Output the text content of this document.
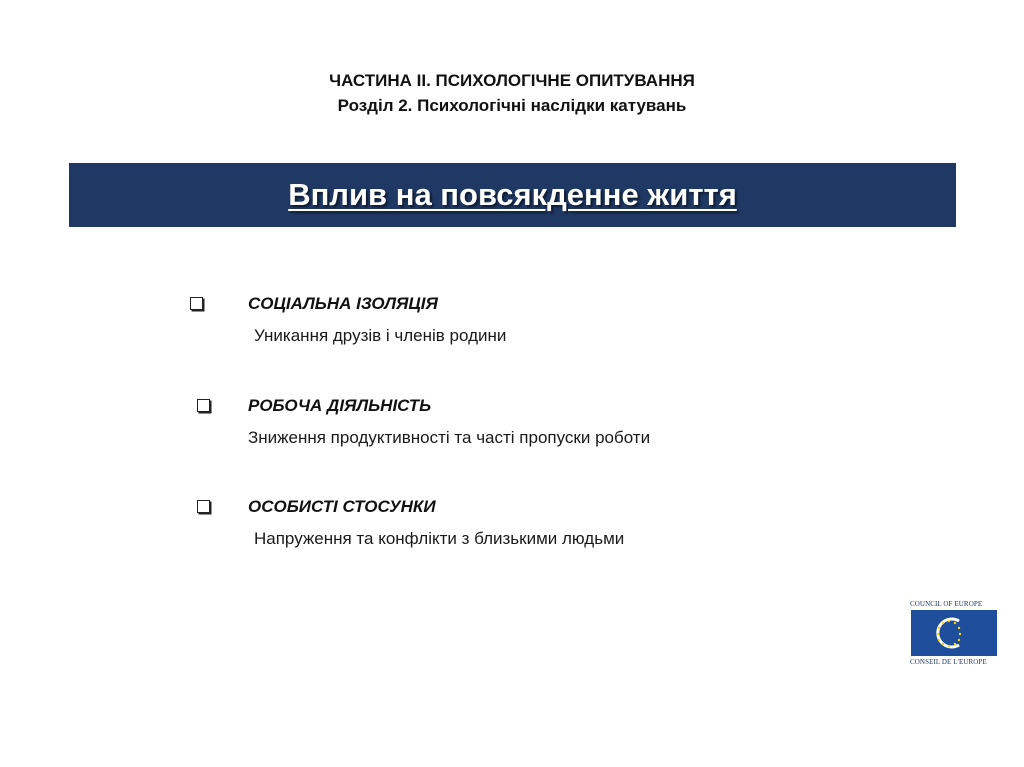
ЧАСТИНА ІІ. ПСИХОЛОГІЧНЕ ОПИТУВАННЯ
Розділ 2. Психологічні наслідки катувань
Вплив на повсякденне життя
СОЦІАЛЬНА ІЗОЛЯЦІЯ
Уникання друзів і членів родини
РОБОЧА ДІЯЛЬНІСТЬ
Зниження продуктивності та часті пропуски роботи
ОСОБИСТІ СТОСУНКИ
Напруження та конфлікти з близькими людьми
COUNCIL OF EUROPE
CONSEIL DE L'EUROPE
